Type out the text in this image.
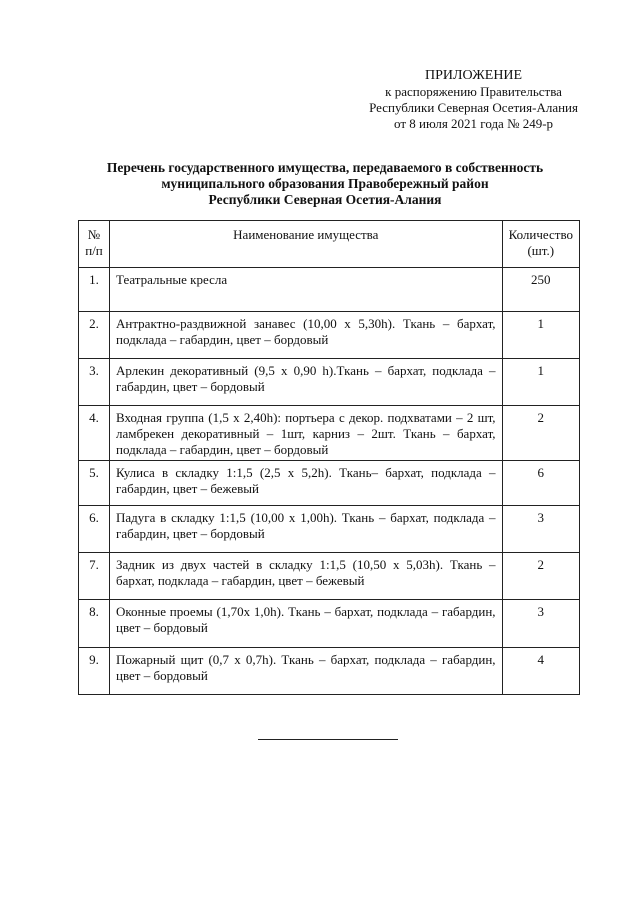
ПРИЛОЖЕНИЕ
к распоряжению Правительства
Республики Северная Осетия-Алания
от 8 июля 2021 года № 249-р
Перечень государственного имущества, передаваемого в собственность
муниципального образования Правобережный район
Республики Северная Осетия-Алания
№ п/п	Наименование имущества	Количество (шт.)
1.	Театральные кресла	250
2.	Антрактно-раздвижной занавес (10,00 х 5,30h). Ткань – бархат, подклада – габардин, цвет – бордовый	1
3.	Арлекин декоративный (9,5 х 0,90 h).Ткань – бархат, подклада – габардин, цвет – бордовый	1
4.	Входная группа (1,5 х 2,40h): портьера с декор. подхватами – 2 шт, ламбрекен декоративный – 1шт, карниз – 2шт. Ткань – бархат, подклада – габардин, цвет – бордовый	2
5.	Кулиса в складку 1:1,5 (2,5 х 5,2h). Ткань– бархат, подклада – габардин, цвет – бежевый	6
6.	Падуга в складку 1:1,5 (10,00 х 1,00h). Ткань – бархат, подклада – габардин, цвет – бордовый	3
7.	Задник из двух частей в складку 1:1,5 (10,50 х 5,03h). Ткань – бархат, подклада – габардин, цвет – бежевый	2
8.	Оконные проемы (1,70х 1,0h). Ткань – бархат, подклада – габардин, цвет – бордовый	3
9.	Пожарный щит (0,7 х 0,7h). Ткань – бархат, подклада – габардин, цвет – бордовый	4
